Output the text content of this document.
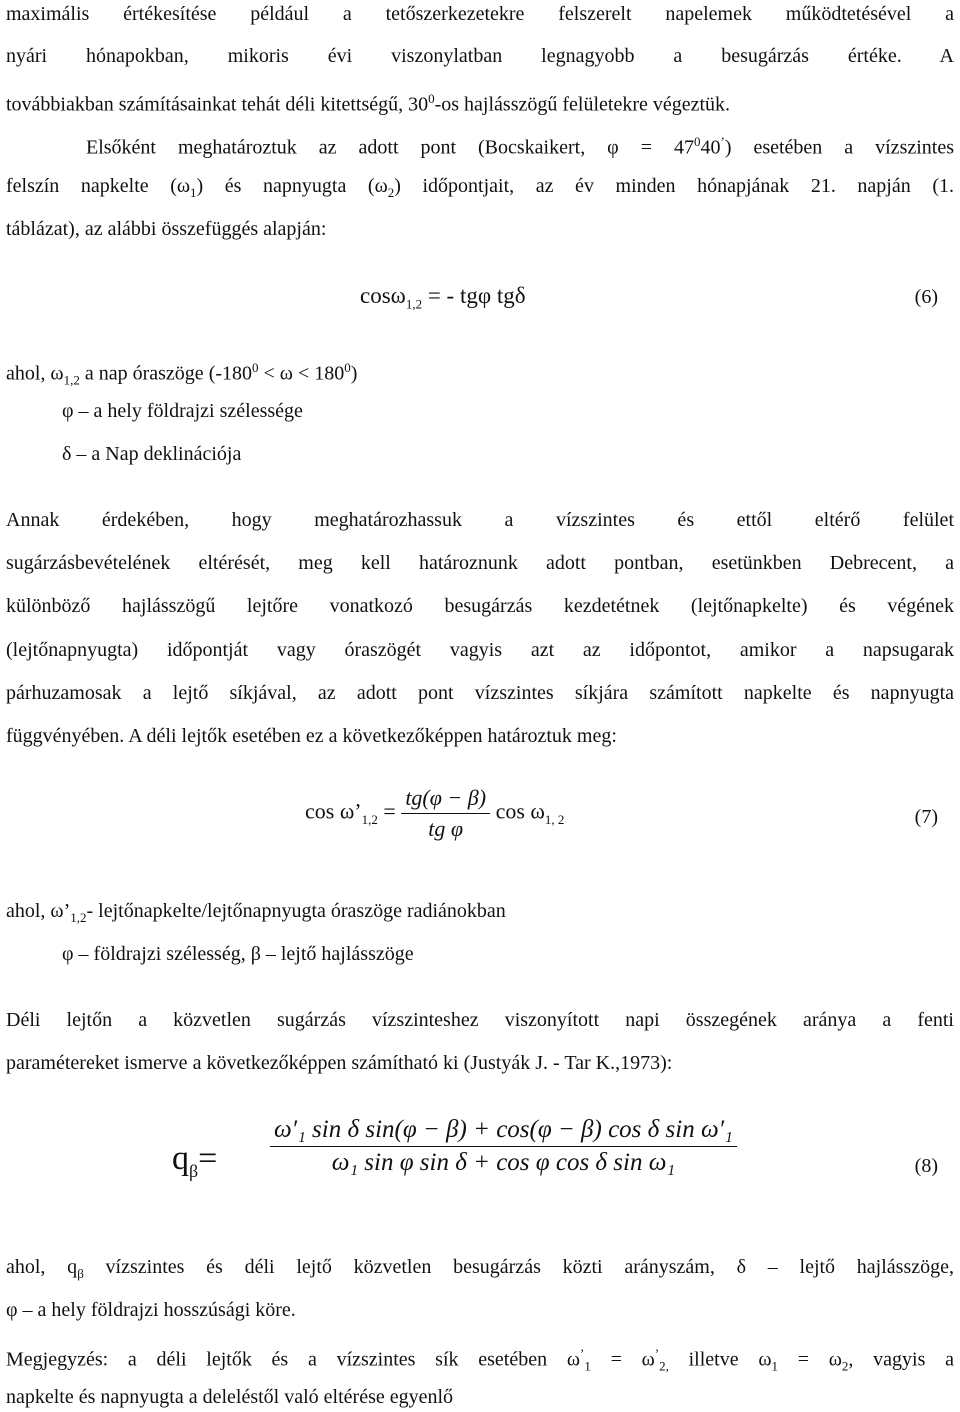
maximális értékesítése például a tetőszerkezetekre felszerelt napelemek működtetésével a
nyári hónapokban, mikoris évi viszonylatban legnagyobb a besugárzás értéke. A
továbbiakban számításainkat tehát déli kitettségű, $30^0-os$ hajlásszögű felületekre végeztük.
Elsőként meghatároztuk az adott pont (Bocskaikert, $\varphi = 47^040^’$) esetében a vízszintes
felszín napkelte $(\omega_1)$ és napnyugta $(\omega_2)$ időpontjait, az év minden hónapjának 21. napján (1.
táblázat), az alábbi összefüggés alapján:
cosω$_{1,2}$ = - tgφ tgδ	(6)
ahol, $\omega_{1,2}$ a nap óraszöge $(-180^0 < \omega < 180^0)$
φ – a hely földrajzi szélessége
δ – a Nap deklinációja
Annak érdekében, hogy meghatározhassuk a vízszintes és ettől eltérő felület
sugárzásbevételének eltérését, meg kell határoznunk adott pontban, esetünkben Debrecent, a
különböző hajlásszögű lejtőre vonatkozó besugárzás kezdetétnek (lejtőnapkelte) és végének
(lejtőnapnyugta) időpontját vagy óraszögét vagyis azt az időpontot, amikor a napsugarak
párhuzamosak a lejtő síkjával, az adott pont vízszintes síkjára számított napkelte és napnyugta
függvényében. A déli lejtők esetében ez a következőképpen határoztuk meg:
$\cos \omega’_{1,2} = \frac{tg(\varphi - \beta)}{\text{tg φ}}$ $\cos \omega_{1, 2}$	(7)
ahol, $\omega’_{1,2}-$ lejtőnapkelte/lejtőnapnyugta óraszöge radiánokban
φ – földrajzi szélesség, β – lejtő hajlásszöge
Déli lejtőn a közvetlen sugárzás vízszinteshez viszonyított napi összegének aránya a fenti
paramétereket ismerve a következőképpen számítható ki (Justyák J. - Tar K.,1973):
$q_\beta= \frac{\text{ω′₁ sin δ sin(φ − β) + cos(φ − β) cos δ sin ω′₁}}{\text{ω₁ sin φ sin δ + cos φ cos δ sin ω₁}}$	(8)
ahol, $q_\beta$ vízszintes és déli lejtő közvetlen besugárzás közti arányszám, δ – lejtő hajlásszöge,
φ – a hely földrajzi hosszúsági köre.
Megjegyzés: a déli lejtők és a vízszintes sík esetében $\omega^’_1 = \omega^’_{2,}$ illetve $\omega_1 = \omega_2$, vagyis a
napkelte és napnyugta a deleléstől való eltérése egyenlő
